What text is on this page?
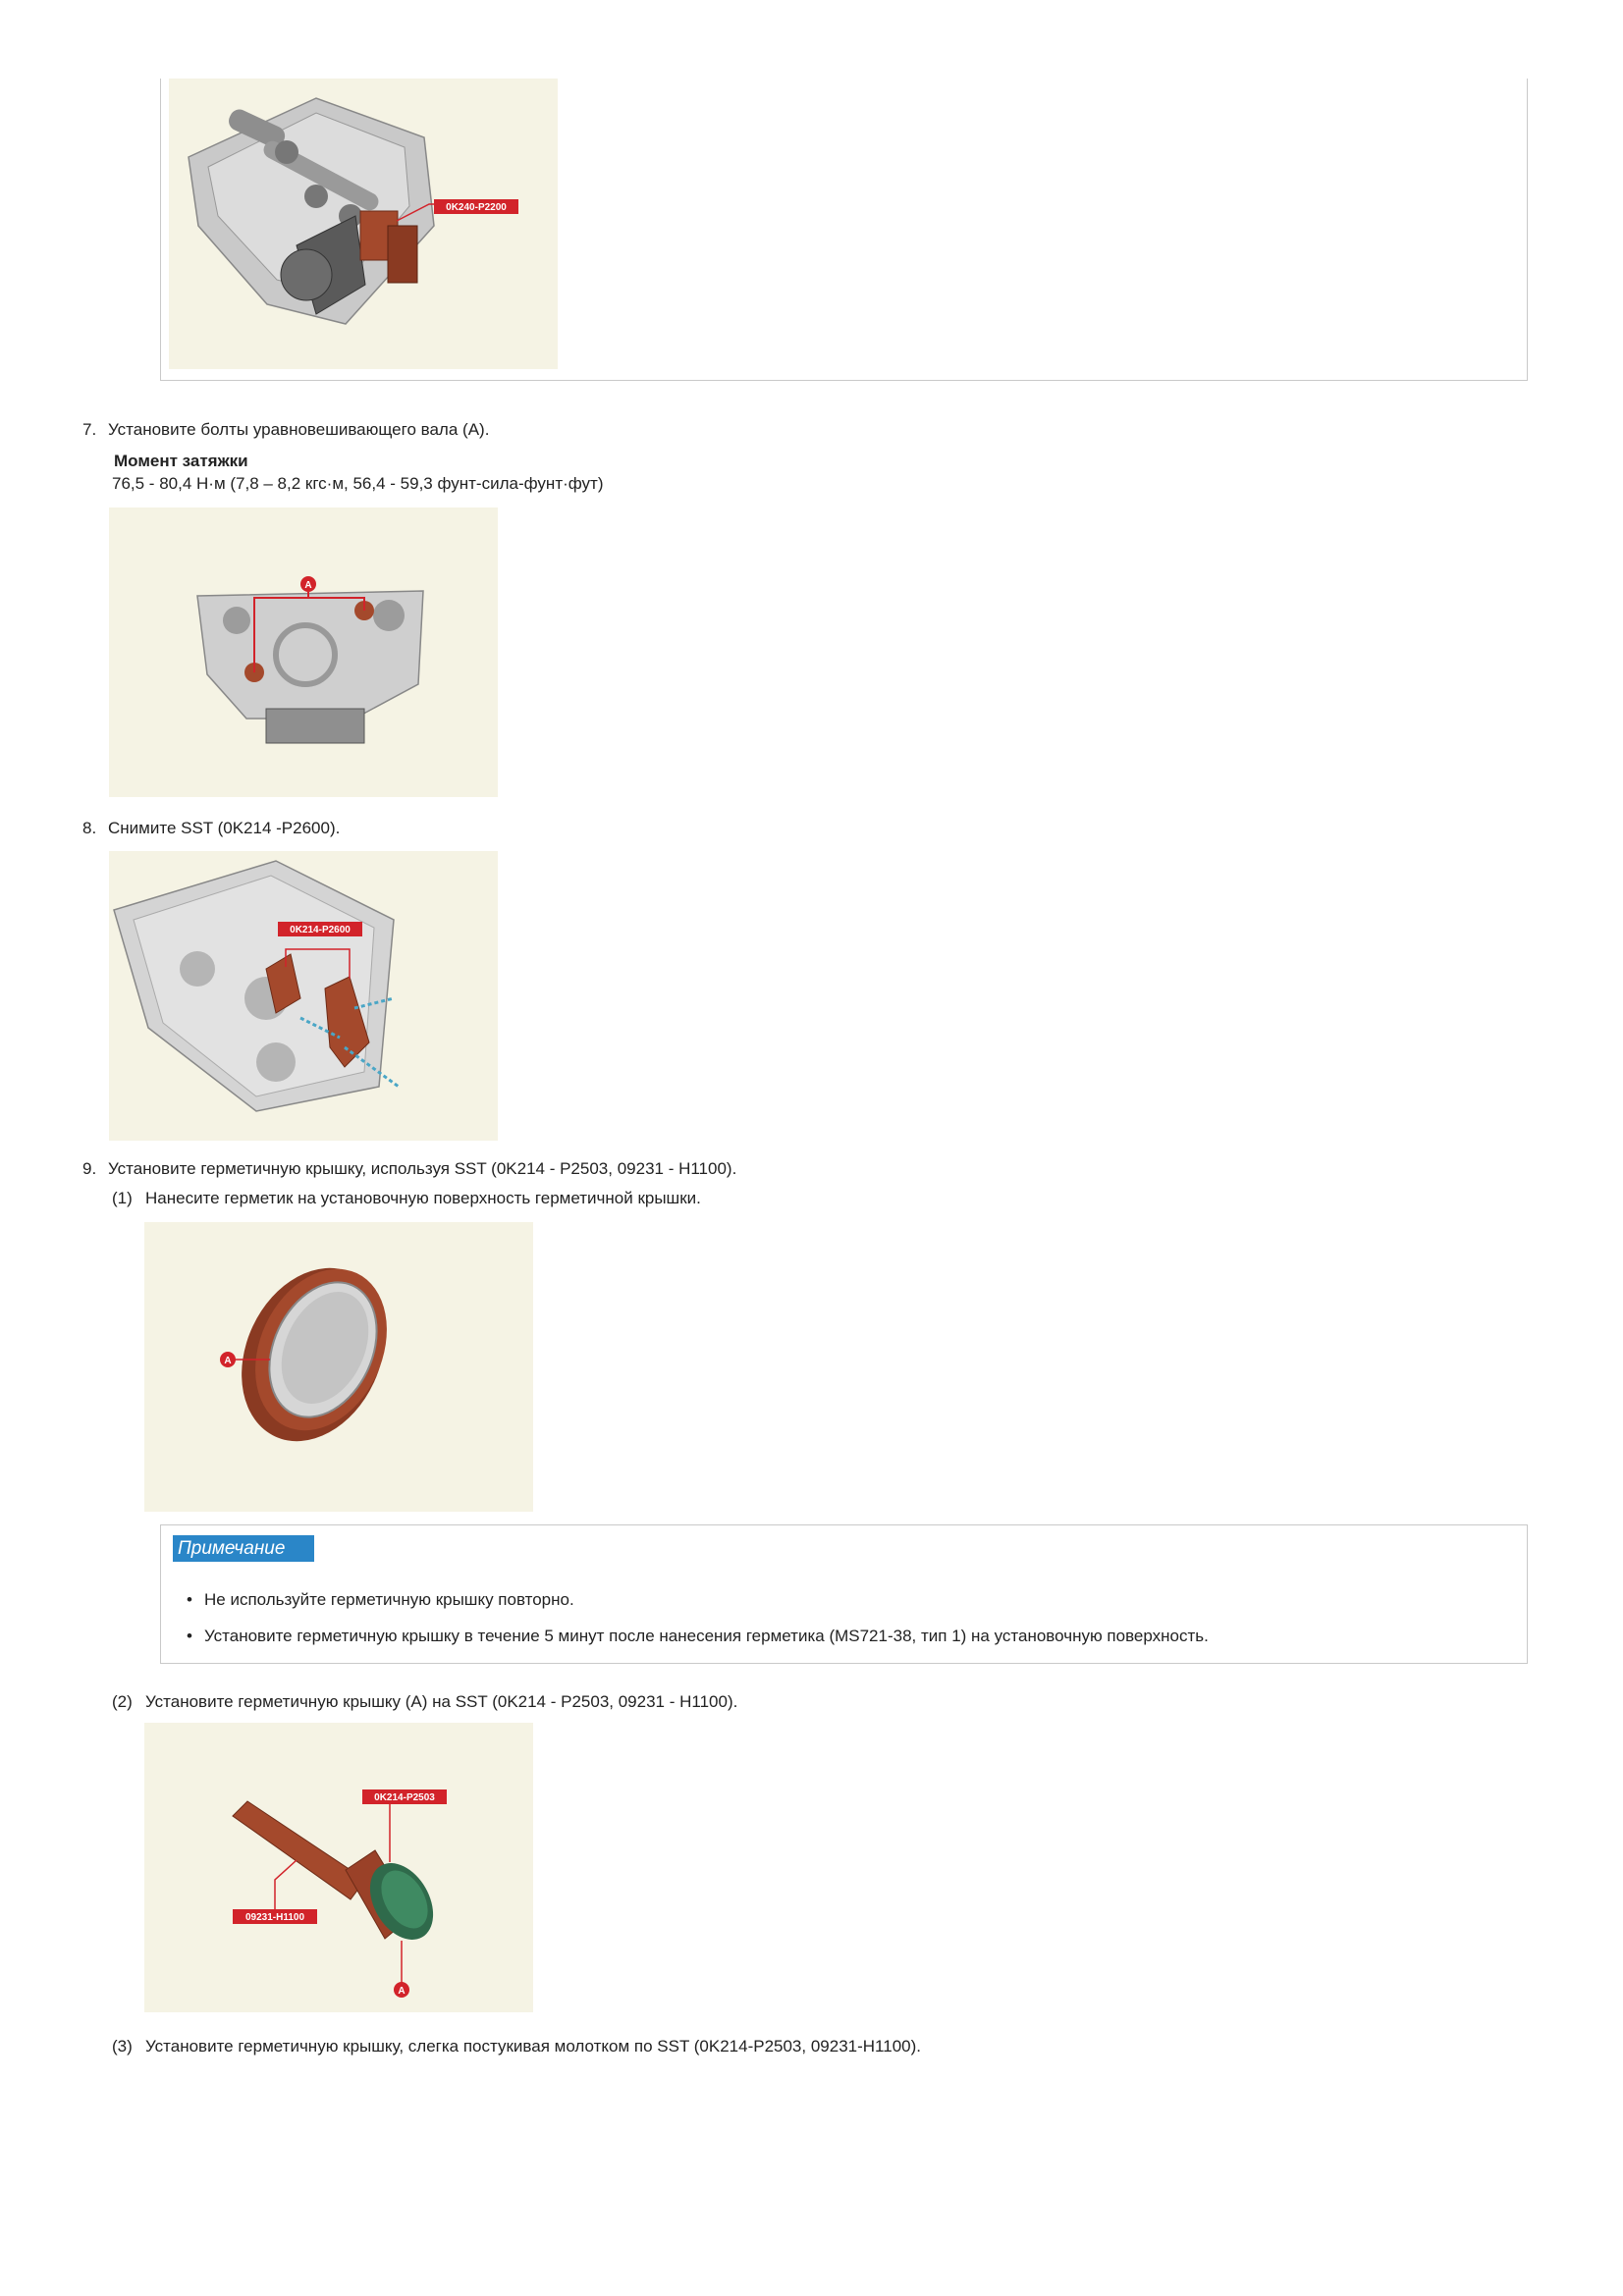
0K240-P2200
7. Установите болты уравновешивающего вала (A).
Момент затяжки
76,5 - 80,4 Н·м (7,8 – 8,2 кгс·м, 56,4 - 59,3 фунт-сила-фунт·фут)
A
8. Снимите SST (0K214 -P2600).
0K214-P2600
9. Установите герметичную крышку, используя SST (0K214 - P2503, 09231 - H1100).
(1) Нанесите герметик на установочную поверхность герметичной крышки.
A
Примечание
• Не используйте герметичную крышку повторно.
• Установите герметичную крышку в течение 5 минут после нанесения герметика (MS721-38, тип 1) на установочную поверхность.
(2) Установите герметичную крышку (A) на SST (0K214 - P2503, 09231 - H1100).
0K214-P2503
09231-H1100
A
(3) Установите герметичную крышку, слегка постукивая молотком по SST (0K214-P2503, 09231-H1100).
